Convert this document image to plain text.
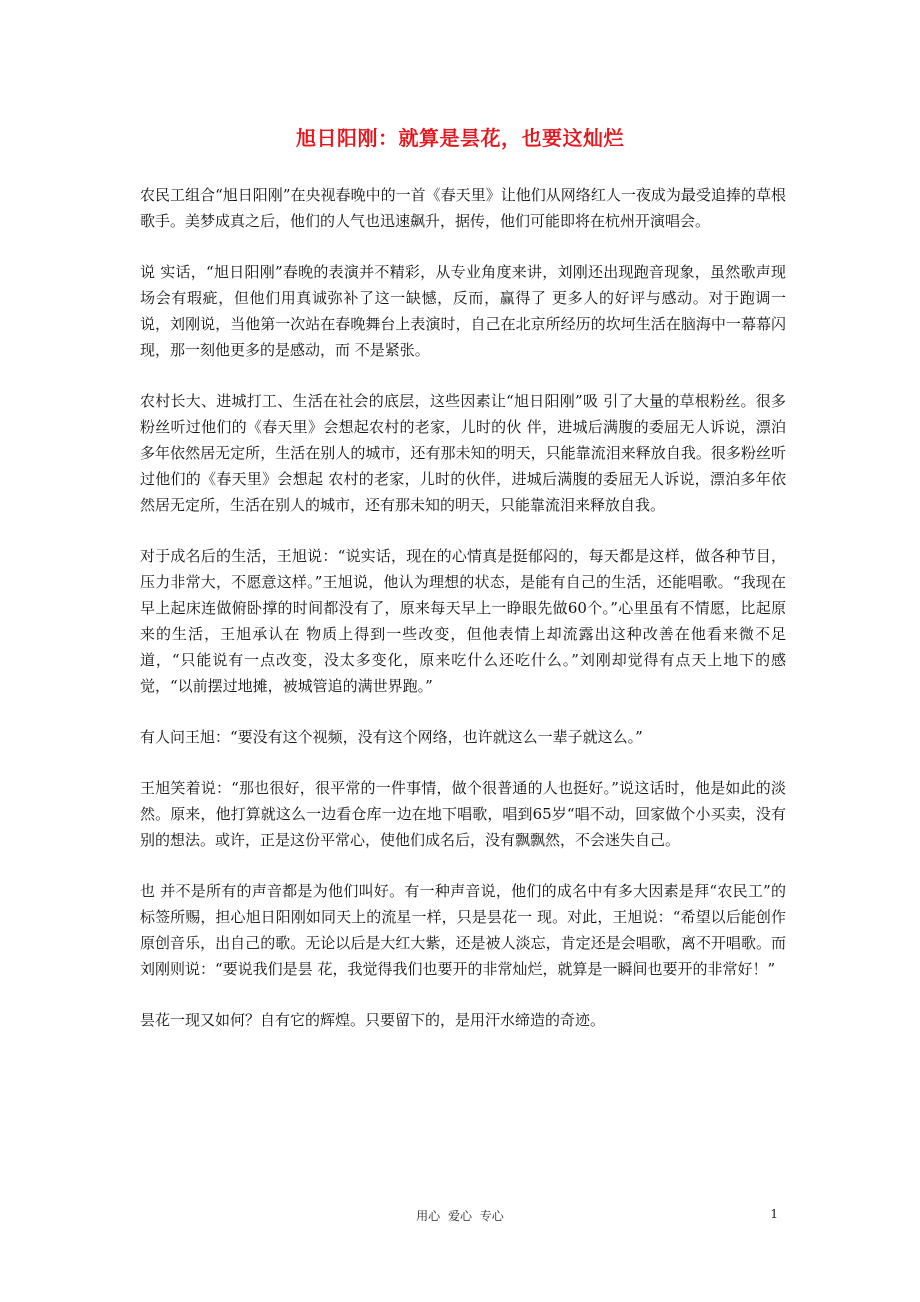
旭日阳刚：就算是昙花，也要这灿烂

农民工组合“旭日阳刚”在央视春晚中的一首《春天里》让他们从网络红人一夜成为最受追捧的草根歌手。美梦成真之后，他们的人气也迅速飙升，据传，他们可能即将在杭州开演唱会。

说 实话，“旭日阳刚”春晚的表演并不精彩，从专业角度来讲，刘刚还出现跑音现象，虽然歌声现场会有瑕疵，但他们用真诚弥补了这一缺憾，反而，赢得了 更多人的好评与感动。对于跑调一说，刘刚说，当他第一次站在春晚舞台上表演时，自己在北京所经历的坎坷生活在脑海中一幕幕闪现，那一刻他更多的是感动，而 不是紧张。

农村长大、进城打工、生活在社会的底层，这些因素让“旭日阳刚”吸 引了大量的草根粉丝。很多粉丝听过他们的《春天里》会想起农村的老家，儿时的伙 伴，进城后满腹的委屈无人诉说，漂泊多年依然居无定所，生活在别人的城市，还有那未知的明天，只能靠流泪来释放自我。很多粉丝听过他们的《春天里》会想起 农村的老家，儿时的伙伴，进城后满腹的委屈无人诉说，漂泊多年依然居无定所，生活在别人的城市，还有那未知的明天，只能靠流泪来释放自我。

对于成名后的生活，王旭说：“说实话，现在的心情真是挺郁闷的，每天都是这样，做各种节目，压力非常大，不愿意这样。”王旭说，他认为理想的状态，是能有自己的生活，还能唱歌。“我现在早上起床连做俯卧撑的时间都没有了，原来每天早上一睁眼先做60个。”心里虽有不情愿，比起原来的生活，王旭承认在 物质上得到一些改变，但他表情上却流露出这种改善在他看来微不足道，“只能说有一点改变，没太多变化，原来吃什么还吃什么。”刘刚却觉得有点天上地下的感 觉，“以前摆过地摊，被城管追的满世界跑。”

有人问王旭：“要没有这个视频，没有这个网络，也许就这么一辈子就这么。”

王旭笑着说：“那也很好，很平常的一件事情，做个很普通的人也挺好。”说这话时，他是如此的淡然。原来，他打算就这么一边看仓库一边在地下唱歌，唱到65岁“唱不动，回家做个小买卖，没有别的想法。或许，正是这份平常心，使他们成名后，没有飘飘然，不会迷失自己。

也 并不是所有的声音都是为他们叫好。有一种声音说，他们的成名中有多大因素是拜“农民工”的标签所赐，担心旭日阳刚如同天上的流星一样，只是昙花一 现。对此，王旭说：“希望以后能创作原创音乐，出自己的歌。无论以后是大红大紫，还是被人淡忘，肯定还是会唱歌，离不开唱歌。而刘刚则说：“要说我们是昙 花，我觉得我们也要开的非常灿烂，就算是一瞬间也要开的非常好！”

昙花一现又如何？自有它的辉煌。只要留下的，是用汗水缔造的奇迹。

用心 爱心 专心	1
